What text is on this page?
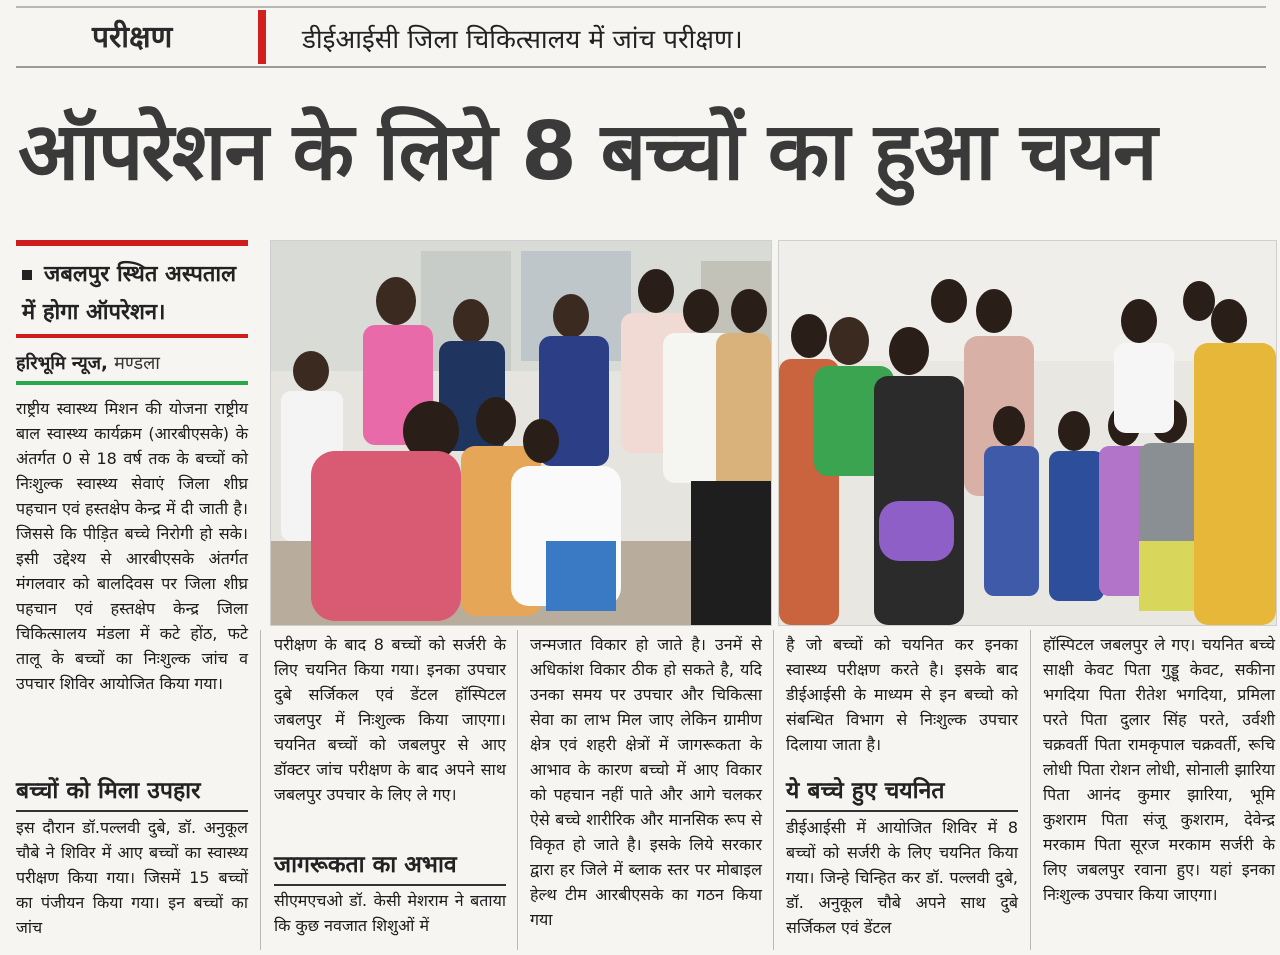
परीक्षण	डीईआईसी जिला चिकित्सालय में जांच परीक्षण।
ऑपरेशन के लिये 8 बच्चों का हुआ चयन
जबलपुर स्थित अस्पताल में होगा ऑपरेशन।
हरिभूमि न्यूज, मण्डला
राष्ट्रीय स्वास्थ्य मिशन की योजना राष्ट्रीय बाल स्वास्थ्य कार्यक्रम (आरबीएसके) के अंतर्गत 0 से 18 वर्ष तक के बच्चों को निःशुल्क स्वास्थ्य सेवाएं जिला शीघ्र पहचान एवं हस्तक्षेप केन्द्र में दी जाती है। जिससे कि पीड़ित बच्चे निरोगी हो सके। इसी उद्देश्य से आरबीएसके अंतर्गत मंगलवार को बालदिवस पर जिला शीघ्र पहचान एवं हस्तक्षेप केन्द्र जिला चिकित्सालय मंडला में कटे होंठ, फटे तालू के बच्चों का निःशुल्क जांच व उपचार शिविर आयोजित किया गया।
बच्चों को मिला उपहार
इस दौरान डॉ.पल्लवी दुबे, डॉ. अनुकूल चौबे ने शिविर में आए बच्चों का स्वास्थ्य परीक्षण किया गया। जिसमें 15 बच्चों का पंजीयन किया गया। इन बच्चों का जांच
परीक्षण के बाद 8 बच्चों को सर्जरी के लिए चयनित किया गया। इनका उपचार दुबे सर्जिकल एवं डेंटल हॉस्पिटल जबलपुर में निःशुल्क किया जाएगा। चयनित बच्चों को जबलपुर से आए डॉक्टर जांच परीक्षण के बाद अपने साथ जबलपुर उपचार के लिए ले गए।
जागरूकता का अभाव
सीएमएचओ डॉ. केसी मेशराम ने बताया कि कुछ नवजात शिशुओं में
जन्मजात विकार हो जाते है। उनमें से अधिकांश विकार ठीक हो सकते है, यदि उनका समय पर उपचार और चिकित्सा सेवा का लाभ मिल जाए लेकिन ग्रामीण क्षेत्र एवं शहरी क्षेत्रों में जागरूकता के आभाव के कारण बच्चो में आए विकार को पहचान नहीं पाते और आगे चलकर ऐसे बच्चे शारीरिक और मानसिक रूप से विकृत हो जाते है। इसके लिये सरकार द्वारा हर जिले में ब्लाक स्तर पर मोबाइल हेल्थ टीम आरबीएसके का गठन किया गया
है जो बच्चों को चयनित कर इनका स्वास्थ्य परीक्षण करते है। इसके बाद डीईआईसी के माध्यम से इन बच्चो को संबन्धित विभाग से निःशुल्क उपचार दिलाया जाता है।
ये बच्चे हुए चयनित
डीईआईसी में आयोजित शिविर में 8 बच्चों को सर्जरी के लिए चयनित किया गया। जिन्हे चिन्हित कर डॉ. पल्लवी दुबे, डॉ. अनुकूल चौबे अपने साथ दुबे सर्जिकल एवं डेंटल
हॉस्पिटल जबलपुर ले गए। चयनित बच्चे साक्षी केवट पिता गुड्डू केवट, सकीना भगदिया पिता रीतेश भगदिया, प्रमिला परते पिता दुलार सिंह परते, उर्वशी चक्रवर्ती पिता रामकृपाल चक्रवर्ती, रूचि लोधी पिता रोशन लोधी, सोनाली झारिया पिता आनंद कुमार झारिया, भूमि कुशराम पिता संजू कुशराम, देवेन्द्र मरकाम पिता सूरज मरकाम सर्जरी के लिए जबलपुर रवाना हुए। यहां इनका निःशुल्क उपचार किया जाएगा।
